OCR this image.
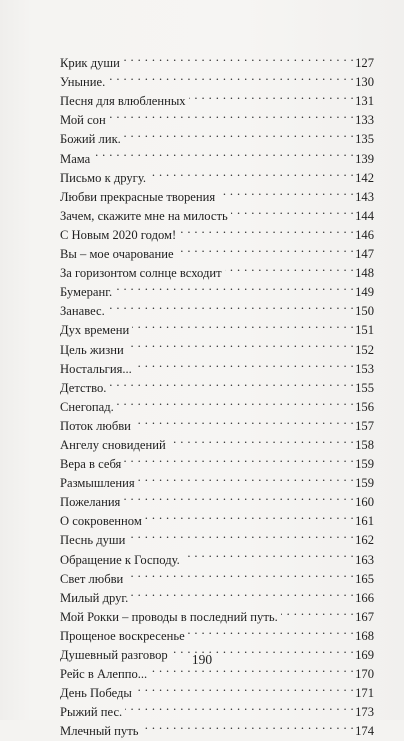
Крик души . . .	127
Уныние. . . .	130
Песня для влюбленных . . .	131
Мой сон . . .	133
Божий лик. . . .	135
Мама . . .	139
Письмо к другу. . . .	142
Любви прекрасные творения . . .	143
Зачем, скажите мне на милость . . .	144
С Новым 2020 годом! . . .	146
Вы – мое очарование . . .	147
За горизонтом солнце всходит . . .	148
Бумеранг. . . .	149
Занавес. . . .	150
Дух времени . . .	151
Цель жизни . . .	152
Ностальгия... . . .	153
Детство. . . .	155
Снегопад. . . .	156
Поток любви . . .	157
Ангелу сновидений . . .	158
Вера в себя . . .	159
Размышления . . .	159
Пожелания . . .	160
О сокровенном . . .	161
Песнь души . . .	162
Обращение к Господу. . . .	163
Свет любви . . .	165
Милый друг. . . .	166
Мой Рокки – проводы в последний путь. . . .	167
Прощеное воскресенье . . .	168
Душевный разговор . . .	169
Рейс в Алеппо... . . .	170
День Победы . . .	171
Рыжий пес. . . .	173
Млечный путь . . .	174
190
